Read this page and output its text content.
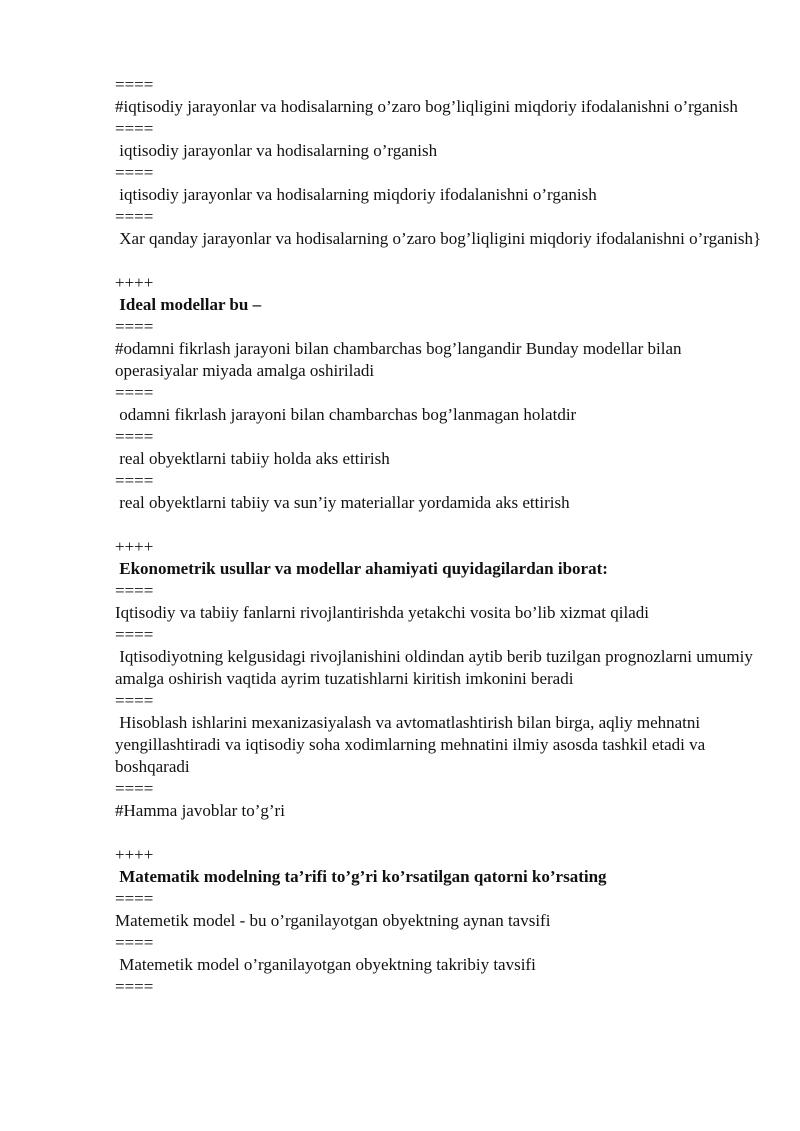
====
#iqtisodiy jarayonlar va hodisalarning o’zaro bog’liqligini miqdoriy ifodalanishni o’rganish
====
iqtisodiy jarayonlar va hodisalarning o’rganish
====
iqtisodiy jarayonlar va hodisalarning miqdoriy ifodalanishni o’rganish
====
Xar qanday jarayonlar va hodisalarning o’zaro bog’liqligini miqdoriy ifodalanishni o’rganish}
++++
Ideal modellar bu –
====
#odamni fikrlash jarayoni bilan chambarchas bog’langandir Bunday modellar bilan operasiyalar miyada amalga oshiriladi
====
odamni fikrlash jarayoni bilan chambarchas bog’lanmagan holatdir
====
real obyektlarni tabiiy holda aks ettirish
====
real obyektlarni tabiiy va sun’iy materiallar yordamida aks ettirish
++++
Ekonometrik usullar va modellar ahamiyati quyidagilardan iborat:
====
Iqtisodiy va tabiiy fanlarni rivojlantirishda yetakchi vosita bo’lib xizmat qiladi
====
Iqtisodiyotning kelgusidagi rivojlanishini oldindan aytib berib tuzilgan prognozlarni umumiy amalga oshirish vaqtida ayrim tuzatishlarni kiritish imkonini beradi
====
Hisoblash ishlarini mexanizasiyalash va avtomatlashtirish bilan birga, aqliy mehnatni yengillashtiradi va iqtisodiy soha xodimlarning mehnatini ilmiy asosda tashkil etadi va boshqaradi
====
#Hamma javoblar to’g’ri
++++
Matematik modelning ta’rifi to’g’ri ko’rsatilgan qatorni ko’rsating
====
Matemetik model - bu o’rganilayotgan obyektning aynan tavsifi
====
Matemetik model o’rganilayotgan obyektning takribiy tavsifi
====
